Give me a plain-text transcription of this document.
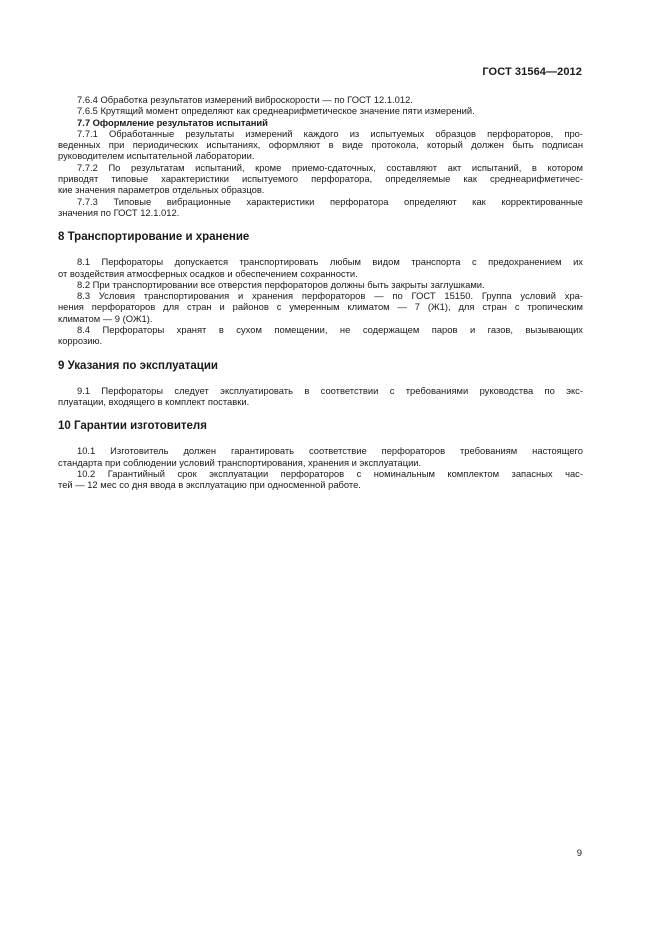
ГОСТ 31564—2012
7.6.4 Обработка результатов измерений виброскорости — по ГОСТ 12.1.012.
7.6.5 Крутящий момент определяют как среднеарифметическое значение пяти измерений.
7.7 Оформление результатов испытаний
7.7.1 Обработанные результаты измерений каждого из испытуемых образцов перфораторов, про-
веденных при периодических испытаниях, оформляют в виде протокола, который должен быть подписан
руководителем испытательной лаборатории.
7.7.2 По результатам испытаний, кроме приемо-сдаточных, составляют акт испытаний, в котором
приводят типовые характеристики испытуемого перфоратора, определяемые как среднеарифметичес-
кие значения параметров отдельных образцов.
7.7.3 Типовые вибрационные характеристики перфоратора определяют как корректированные
значения по ГОСТ 12.1.012.
8 Транспортирование и хранение
8.1 Перфораторы допускается транспортировать любым видом транспорта с предохранением их
от воздействия атмосферных осадков и обеспечением сохранности.
8.2 При транспортировании все отверстия перфораторов должны быть закрыты заглушками.
8.3 Условия транспортирования и хранения перфораторов — по ГОСТ 15150. Группа условий хра-
нения перфораторов для стран и районов с умеренным климатом — 7 (Ж1), для стран с тропическим
климатом — 9 (ОЖ1).
8.4 Перфораторы хранят в сухом помещении, не содержащем паров и газов, вызывающих
коррозию.
9 Указания по эксплуатации
9.1 Перфораторы следует эксплуатировать в соответствии с требованиями руководства по экс-
плуатации, входящего в комплект поставки.
10 Гарантии изготовителя
10.1 Изготовитель должен гарантировать соответствие перфораторов требованиям настоящего
стандарта при соблюдении условий транспортирования, хранения и эксплуатации.
10.2 Гарантийный срок эксплуатации перфораторов с номинальным комплектом запасных час-
тей — 12 мес со дня ввода в эксплуатацию при односменной работе.
9
